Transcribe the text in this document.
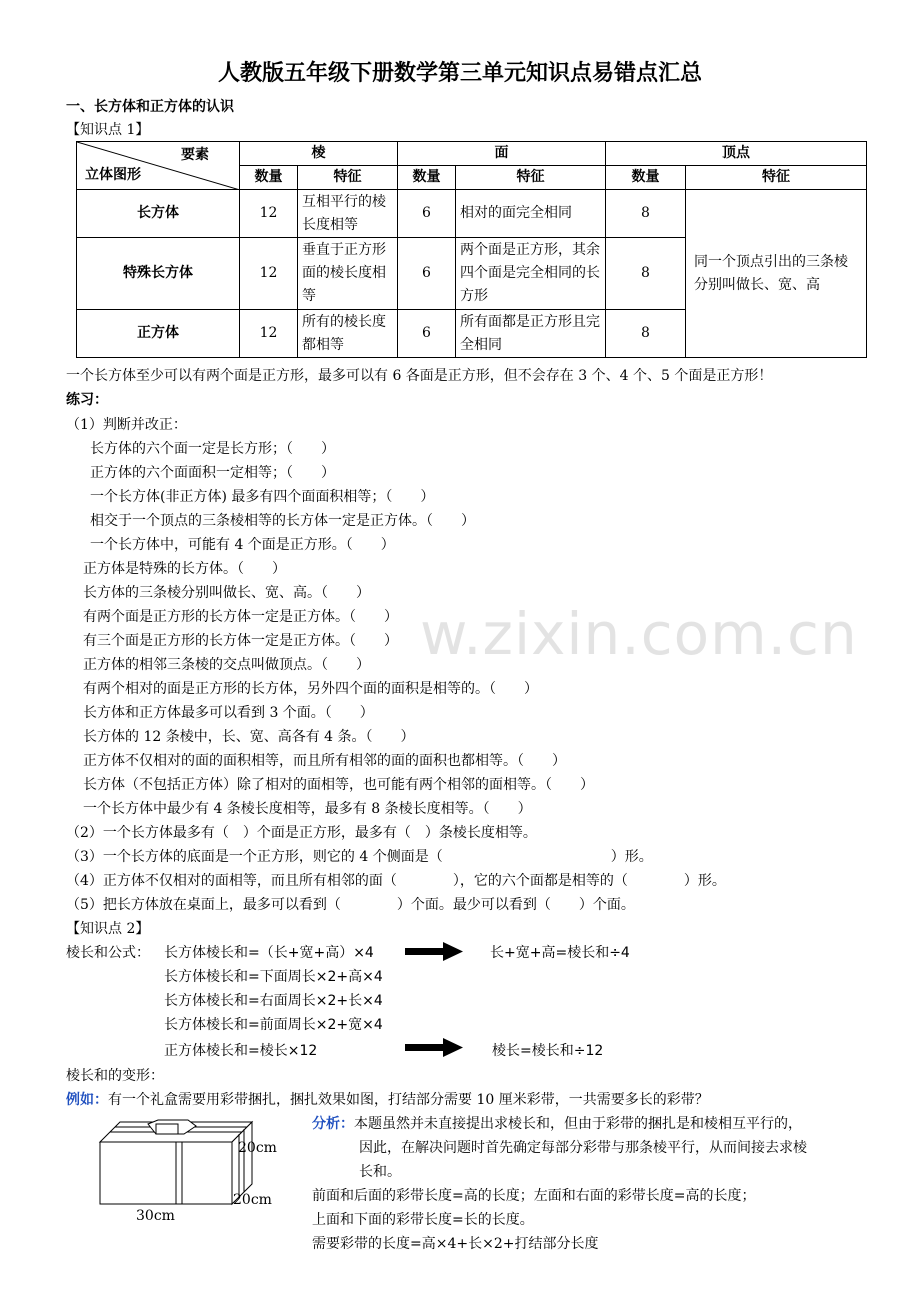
w.zixin.com.cn
人教版五年级下册数学第三单元知识点易错点汇总
一、长方体和正方体的认识
【知识点 1】
要素
立体图形	棱		面		顶点	
	数量	特征	数量	特征	数量	特征
长方体	12	互相平行的棱长度相等	6	相对的面完全相同	8	同一个顶点引出的三条棱分别叫做长、宽、高
特殊长方体	12	垂直于正方形面的棱长度相等	6	两个面是正方形，其余四个面是完全相同的长方形	8	
正方体	12	所有的棱长度都相等	6	所有面都是正方形且完全相同	8	
一个长方体至少可以有两个面是正方形，最多可以有 6 各面是正方形，但不会存在 3 个、4 个、5 个面是正方形！
练习：
（1）判断并改正：
长方体的六个面一定是长方形；（　　）
正方体的六个面面积一定相等；（　　）
一个长方体(非正方体) 最多有四个面面积相等；（　　）
相交于一个顶点的三条棱相等的长方体一定是正方体。（　　）
一个长方体中，可能有 4 个面是正方形。（　　）
正方体是特殊的长方体。（　　）
长方体的三条棱分别叫做长、宽、高。（　　）
有两个面是正方形的长方体一定是正方体。（　　）
有三个面是正方形的长方体一定是正方体。（　　）
正方体的相邻三条棱的交点叫做顶点。（　　）
有两个相对的面是正方形的长方体，另外四个面的面积是相等的。（　　）
长方体和正方体最多可以看到 3 个面。（　　）
长方体的 12 条棱中，长、宽、高各有 4 条。（　　）
正方体不仅相对的面的面积相等，而且所有相邻的面的面积也都相等。（　　）
长方体（不包括正方体）除了相对的面相等，也可能有两个相邻的面相等。（　　）
一个长方体中最少有 4 条棱长度相等，最多有 8 条棱长度相等。（　　）
（2）一个长方体最多有（　）个面是正方形，最多有（　）条棱长度相等。
（3）一个长方体的底面是一个正方形，则它的 4 个侧面是（　　　　　　　　　　　　）形。
（4）正方体不仅相对的面相等，而且所有相邻的面（　　　　），它的六个面都是相等的（　　　　）形。
（5）把长方体放在桌面上，最多可以看到（　　　　）个面。最少可以看到（　　）个面。
【知识点 2】
棱长和公式： 长方体棱长和=（长+宽+高）×4
长方体棱长和=下面周长×2+高×4
长方体棱长和=右面周长×2+长×4
长方体棱长和=前面周长×2+宽×4
正方体棱长和=棱长×12
长+宽+高=棱长和÷4
棱长=棱长和÷12
棱长和的变形：
例如：有一个礼盒需要用彩带捆扎，捆扎效果如图，打结部分需要 10 厘米彩带，一共需要多长的彩带？
20cm
20cm
30cm
分析：本题虽然并未直接提出求棱长和，但由于彩带的捆扎是和棱相互平行的，
因此，在解决问题时首先确定每部分彩带与那条棱平行，从而间接去求棱
长和。
前面和后面的彩带长度=高的长度；左面和右面的彩带长度=高的长度；
上面和下面的彩带长度=长的长度。
需要彩带的长度=高×4+长×2+打结部分长度
